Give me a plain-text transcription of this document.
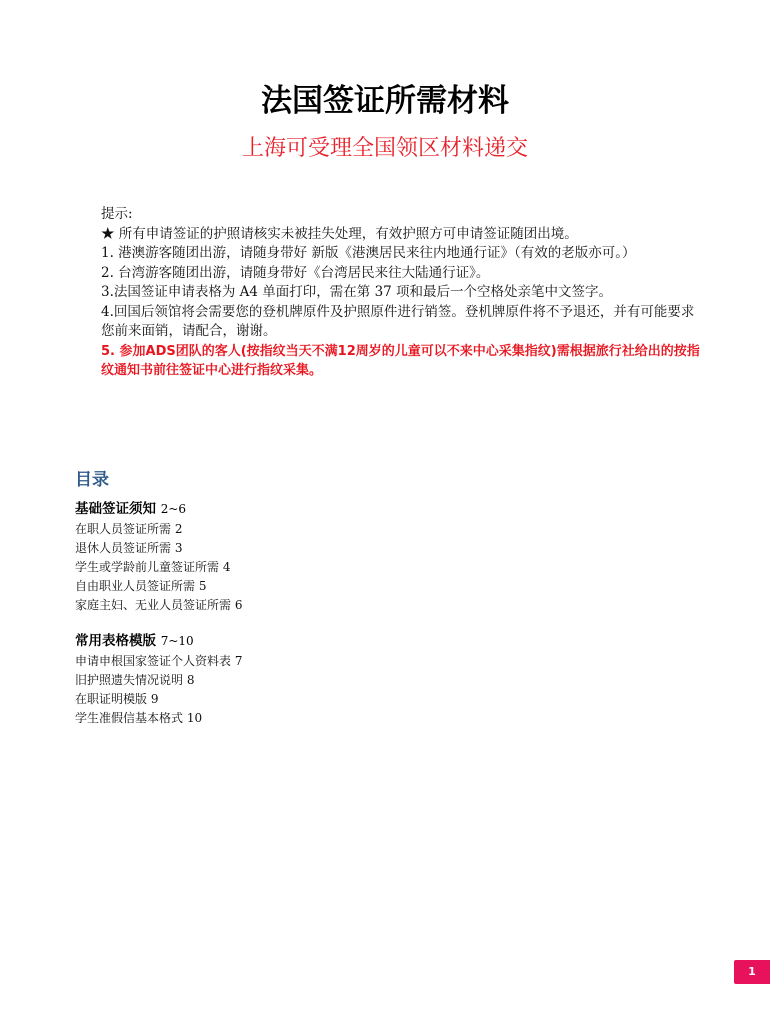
法国签证所需材料
上海可受理全国领区材料递交

提示:

★ 所有申请签证的护照请核实未被挂失处理，有效护照方可申请签证随团出境。

1. 港澳游客随团出游，请随身带好 新版《港澳居民来往内地通行证》（有效的老版亦可。）

2. 台湾游客随团出游，请随身带好《台湾居民来往大陆通行证》。

3.法国签证申请表格为 A4 单面打印，需在第 37 项和最后一个空格处亲笔中文签字。

4.回国后领馆将会需要您的登机牌原件及护照原件进行销签。登机牌原件将不予退还，并有可能要求您前来面销，请配合，谢谢。

5. 参加ADS团队的客人(按指纹当天不满12周岁的儿童可以不来中心采集指纹)需根据旅行社给出的按指纹通知书前往签证中心进行指纹采集。

目录
基础签证须知 2~6
在职人员签证所需 2
退休人员签证所需 3
学生或学龄前儿童签证所需 4
自由职业人员签证所需 5
家庭主妇、无业人员签证所需 6
常用表格模版 7~10
申请申根国家签证个人资料表 7
旧护照遗失情况说明 8
在职证明模版 9
学生准假信基本格式 10
1
